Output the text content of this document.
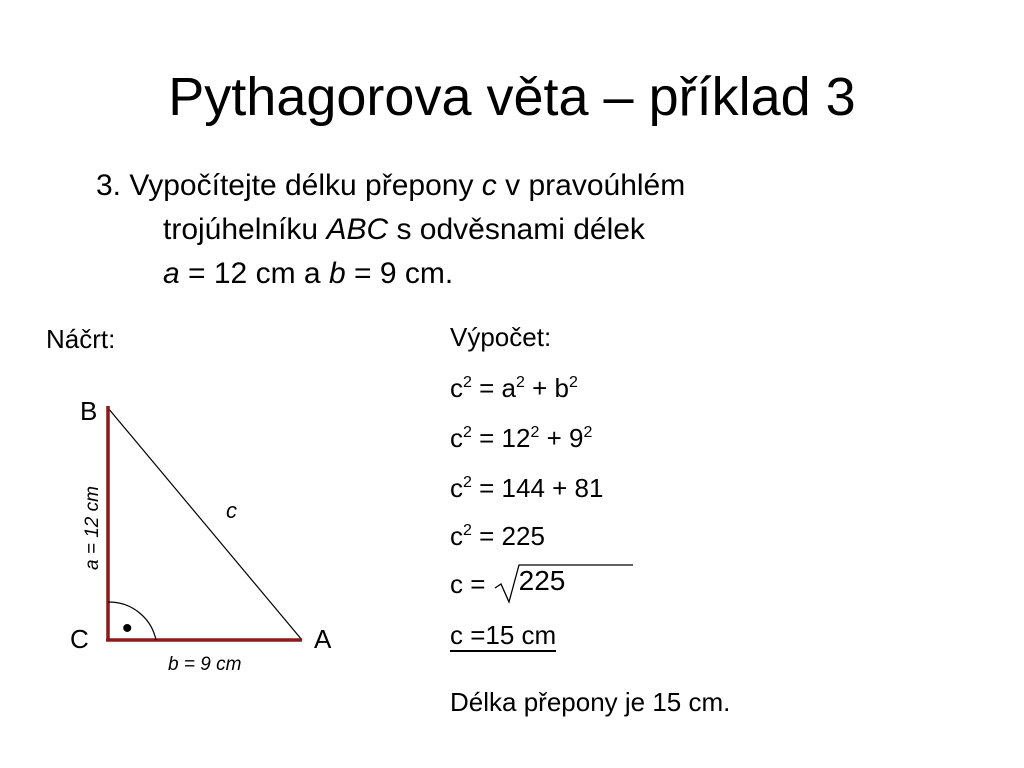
Pythagorova věta – příklad 3
3. Vypočítejte délku přepony c v pravoúhlém
trojúhelníku ABC s odvěsnami délek
a = 12 cm a b = 9 cm.
Náčrt:
•
B
C	A
c
a = 12 cm
b = 9 cm
Výpočet:
$c^2 = a^2 + b^2$
$c^2 = 12^2 + 9^2$
$c^2 = 144 + 81$
$c^2 = 225$
c = 225
c =15 cm
Délka přepony je 15 cm.
